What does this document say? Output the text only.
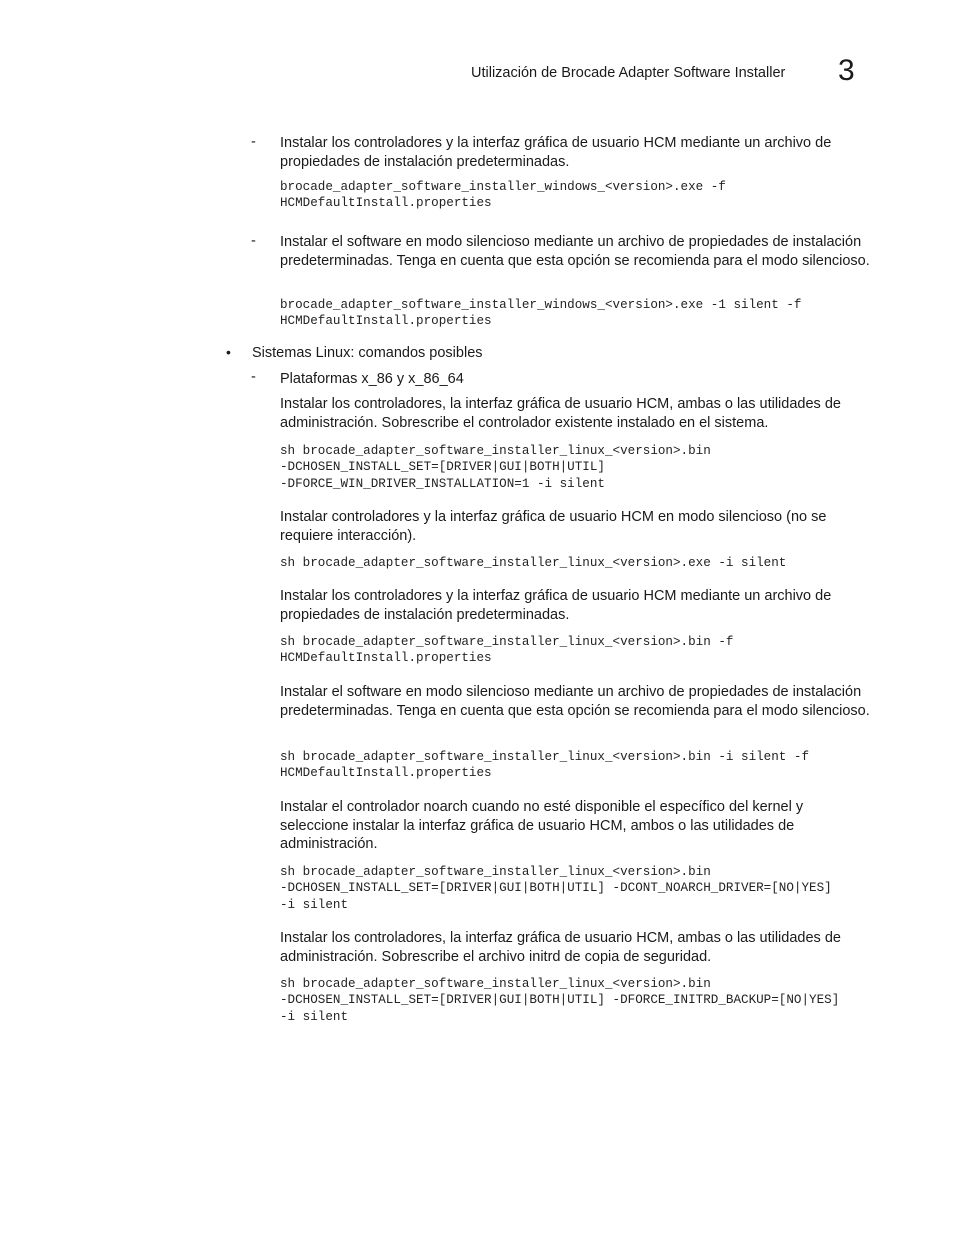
Utilización de Brocade Adapter Software Installer 3
- Instalar los controladores y la interfaz gráfica de usuario HCM mediante un archivo de propiedades de instalación predeterminadas.
brocade_adapter_software_installer_windows_<version>.exe -f
HCMDefaultInstall.properties
- Instalar el software en modo silencioso mediante un archivo de propiedades de instalación predeterminadas. Tenga en cuenta que esta opción se recomienda para el modo silencioso.
brocade_adapter_software_installer_windows_<version>.exe -1 silent -f
HCMDefaultInstall.properties
• Sistemas Linux: comandos posibles
- Plataformas x_86 y x_86_64
Instalar los controladores, la interfaz gráfica de usuario HCM, ambas o las utilidades de administración. Sobrescribe el controlador existente instalado en el sistema.
sh brocade_adapter_software_installer_linux_<version>.bin
-DCHOSEN_INSTALL_SET=[DRIVER|GUI|BOTH|UTIL]
-DFORCE_WIN_DRIVER_INSTALLATION=1 -i silent
Instalar controladores y la interfaz gráfica de usuario HCM en modo silencioso (no se requiere interacción).
sh brocade_adapter_software_installer_linux_<version>.exe -i silent
Instalar los controladores y la interfaz gráfica de usuario HCM mediante un archivo de propiedades de instalación predeterminadas.
sh brocade_adapter_software_installer_linux_<version>.bin -f
HCMDefaultInstall.properties
Instalar el software en modo silencioso mediante un archivo de propiedades de instalación predeterminadas. Tenga en cuenta que esta opción se recomienda para el modo silencioso.
sh brocade_adapter_software_installer_linux_<version>.bin -i silent -f
HCMDefaultInstall.properties
Instalar el controlador noarch cuando no esté disponible el específico del kernel y seleccione instalar la interfaz gráfica de usuario HCM, ambos o las utilidades de administración.
sh brocade_adapter_software_installer_linux_<version>.bin
-DCHOSEN_INSTALL_SET=[DRIVER|GUI|BOTH|UTIL] -DCONT_NOARCH_DRIVER=[NO|YES]
-i silent
Instalar los controladores, la interfaz gráfica de usuario HCM, ambas o las utilidades de administración. Sobrescribe el archivo initrd de copia de seguridad.
sh brocade_adapter_software_installer_linux_<version>.bin
-DCHOSEN_INSTALL_SET=[DRIVER|GUI|BOTH|UTIL] -DFORCE_INITRD_BACKUP=[NO|YES]
-i silent
